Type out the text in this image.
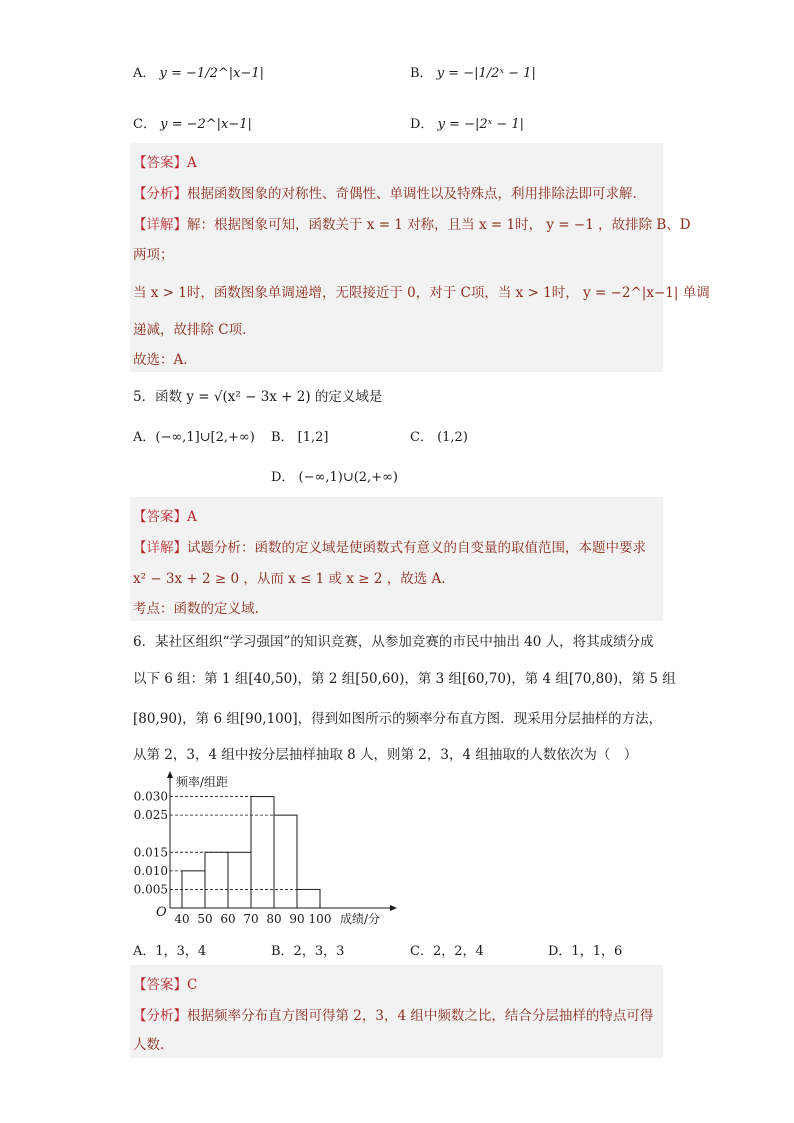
A． y = −1/2^|x−1|	B． y = −|1/2ˣ − 1|
C． y = −2^|x−1|	D． y = −|2ˣ − 1|
【答案】A
【分析】根据函数图象的对称性、奇偶性、单调性以及特殊点，利用排除法即可求解.
【详解】解：根据图象可知，函数关于 x = 1 对称，且当 x = 1时， y = −1 ，故排除 B、D
两项；
当 x > 1时，函数图象单调递增，无限接近于 0，对于 C项，当 x > 1时， y = −2^|x−1| 单调
递减，故排除 C项.
故选：A.
5．函数 y = √(x² − 3x + 2) 的定义域是
A．(−∞,1]∪[2,+∞) B． [1,2]	C． (1,2)
D． (−∞,1)∪(2,+∞)
【答案】A
【详解】试题分析：函数的定义域是使函数式有意义的自变量的取值范围，本题中要求
x² − 3x + 2 ≥ 0 ，从而 x ≤ 1 或 x ≥ 2 ，故选 A.
考点：函数的定义域.
6．某社区组织“学习强国”的知识竞赛，从参加竞赛的市民中抽出 40 人，将其成绩分成
以下 6 组：第 1 组[40,50)，第 2 组[50,60)，第 3 组[60,70)，第 4 组[70,80)，第 5 组
[80,90)，第 6 组[90,100]，得到如图所示的频率分布直方图．现采用分层抽样的方法，
从第 2，3，4 组中按分层抽样抽取 8 人，则第 2，3，4 组抽取的人数依次为（　）
频率/组距
O
0.030
0.025
0.015
0.010
0.005
40 50 60 70 80 90 100 成绩/分
A．1，3，4	B．2，3，3	C．2，2，4	D．1，1，6
【答案】C
【分析】根据频率分布直方图可得第 2，3，4 组中频数之比，结合分层抽样的特点可得
人数.
